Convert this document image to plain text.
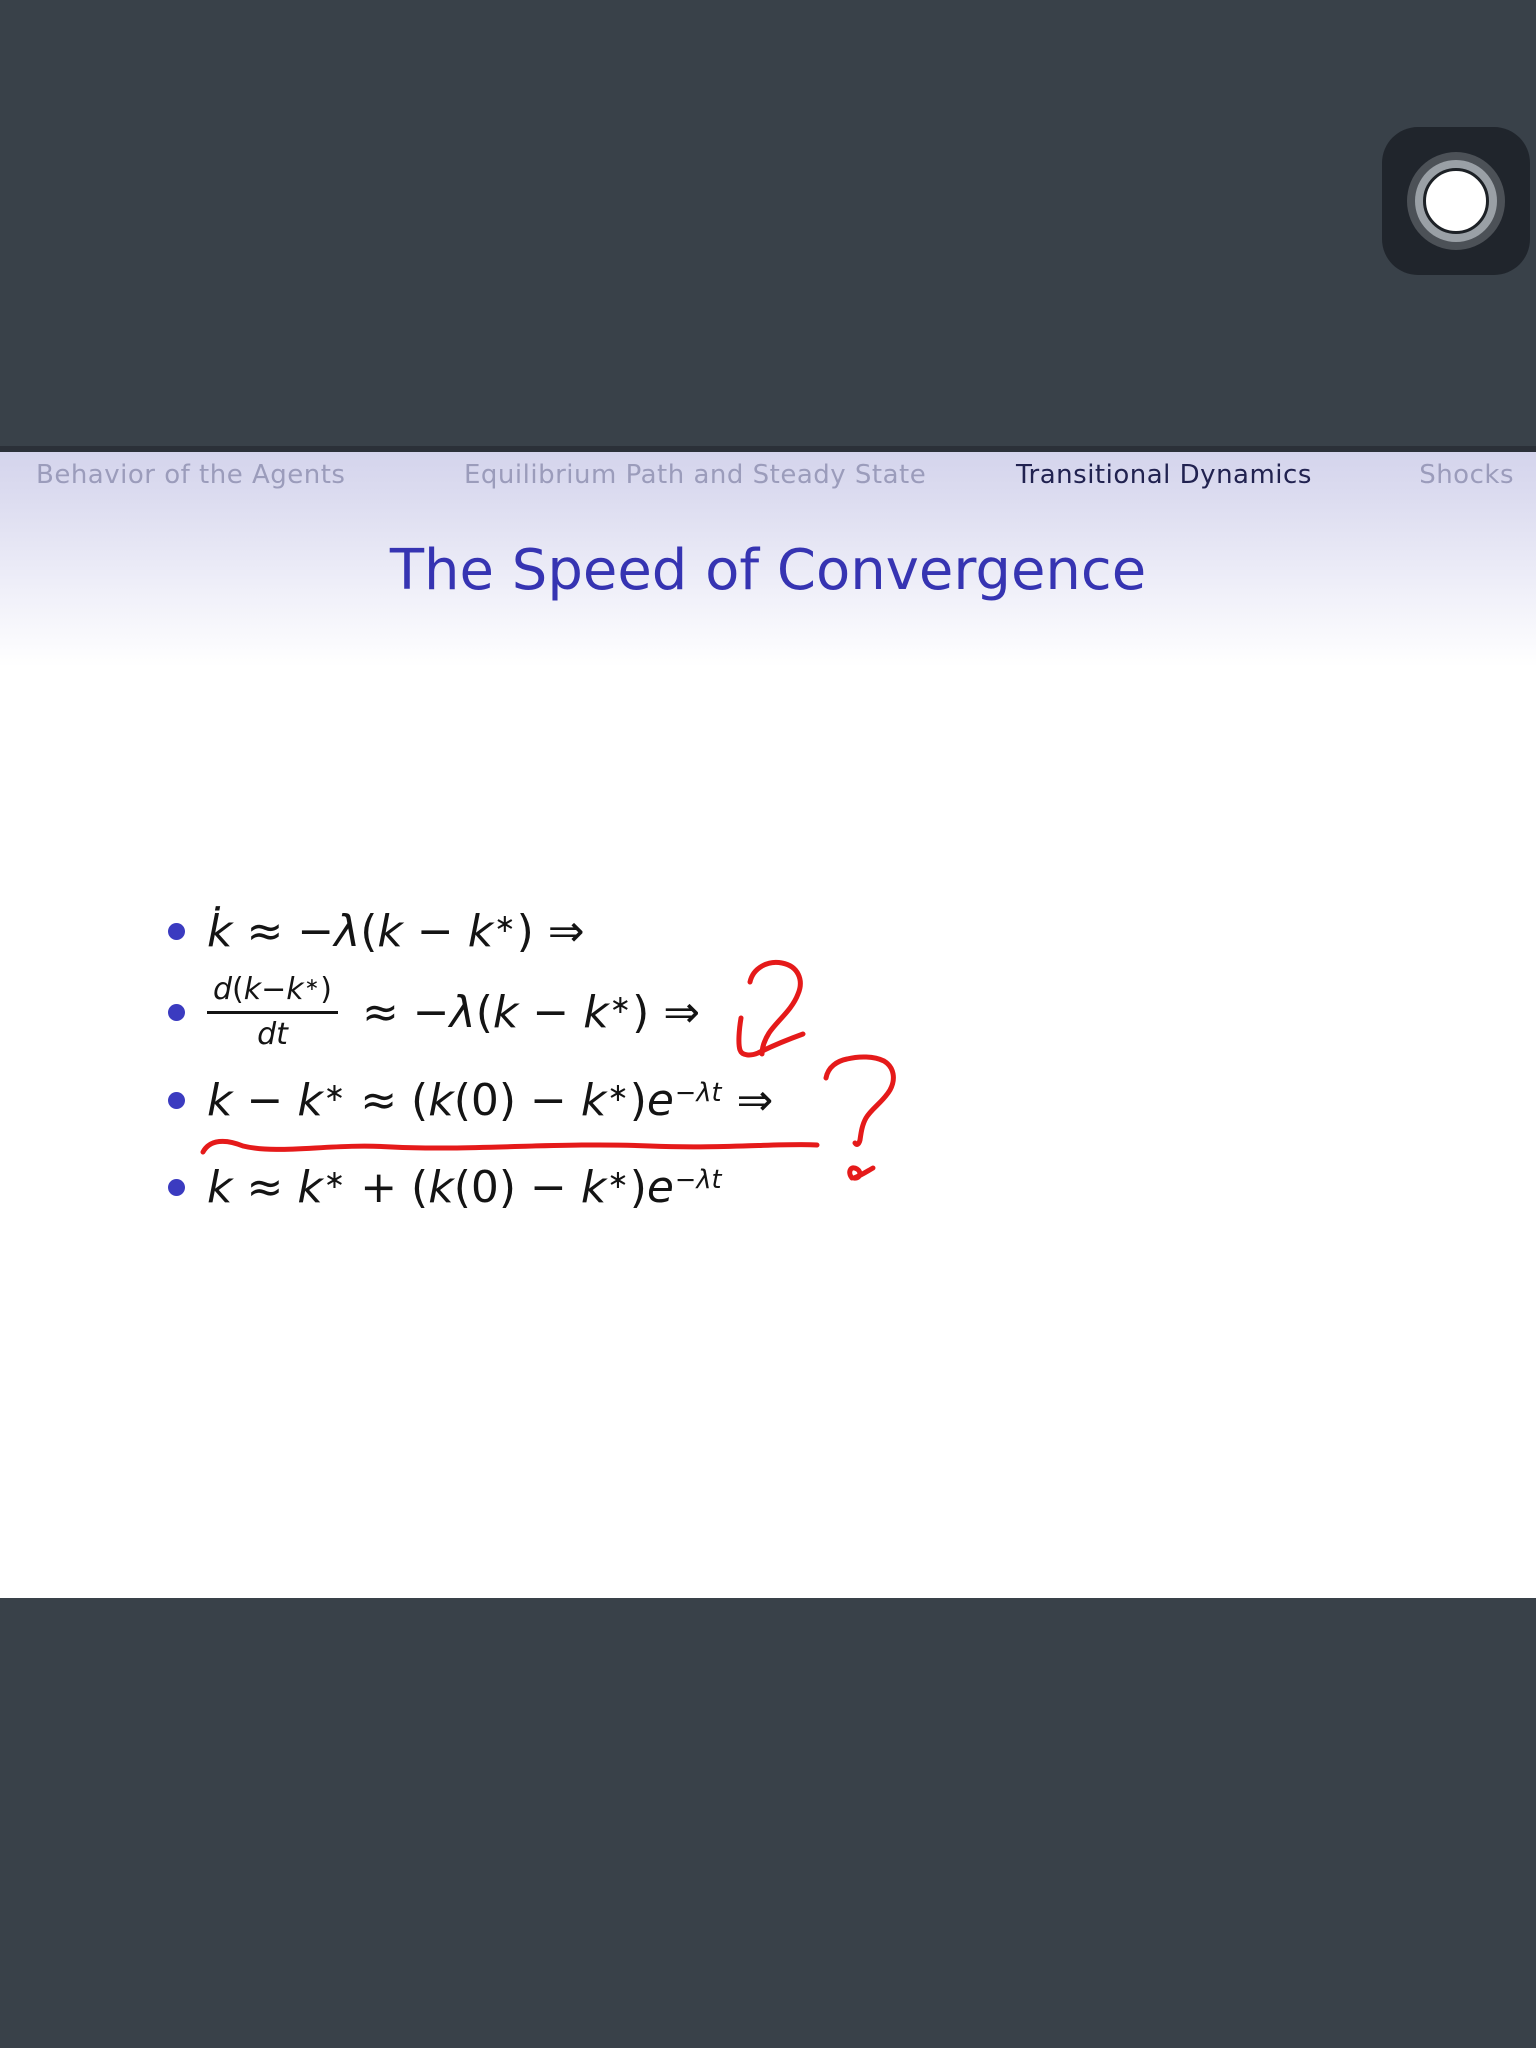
Behavior of the Agents	Equilibrium Path and Steady State	Transitional Dynamics	Shocks
The Speed of Convergence
k̇ ≈ −λ(k − k∗) ⇒
$\frac{d(k-k^∗)}{dt} \approx -\lambda(k - k^∗)$ ⇒
$k - k^∗ \approx (k(0) - k^∗)e^{-\lambda t}$ ⇒
$k \approx k^∗ + (k(0) - k^∗)e^{-\lambda t}$
